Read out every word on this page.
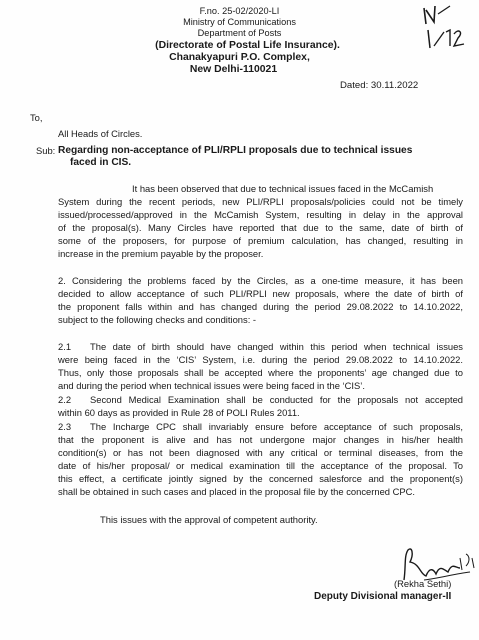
F.no. 25-02/2020-LI
Ministry of Communications
Department of Posts
(Directorate of Postal Life Insurance).
Chanakyapuri P.O. Complex,
New Delhi-110021
Dated: 30.11.2022
To,
All Heads of Circles.
Sub: Regarding non-acceptance of PLI/RPLI proposals due to technical issues
faced in CIS.
It has been observed that due to technical issues faced in the McCamish
System during the recent periods, new PLI/RPLI proposals/policies could not be timely
issued/processed/approved in the McCamish System, resulting in delay in the approval
of the proposal(s). Many Circles have reported that due to the same, date of birth of
some of the proposers, for purpose of premium calculation, has changed, resulting in
increase in the premium payable by the proposer.
2. Considering the problems faced by the Circles, as a one-time measure, it has been
decided to allow acceptance of such PLI/RPLI new proposals, where the date of birth of
the proponent falls within and has changed during the period 29.08.2022 to 14.10.2022,
subject to the following checks and conditions: -
2.1 The date of birth should have changed within this period when technical issues
were being faced in the ‘CIS’ System, i.e. during the period 29.08.2022 to 14.10.2022.
Thus, only those proposals shall be accepted where the proponents’ age changed due to
and during the period when technical issues were being faced in the ‘CIS’.
2.2 Second Medical Examination shall be conducted for the proposals not accepted
within 60 days as provided in Rule 28 of POLI Rules 2011.
2.3 The Incharge CPC shall invariably ensure before acceptance of such proposals,
that the proponent is alive and has not undergone major changes in his/her health
condition(s) or has not been diagnosed with any critical or terminal diseases, from the
date of his/her proposal/ or medical examination till the acceptance of the proposal. To
this effect, a certificate jointly signed by the concerned salesforce and the proponent(s)
shall be obtained in such cases and placed in the proposal file by the concerned CPC.
This issues with the approval of competent authority.
(Rekha Sethi)
Deputy Divisional manager-II
